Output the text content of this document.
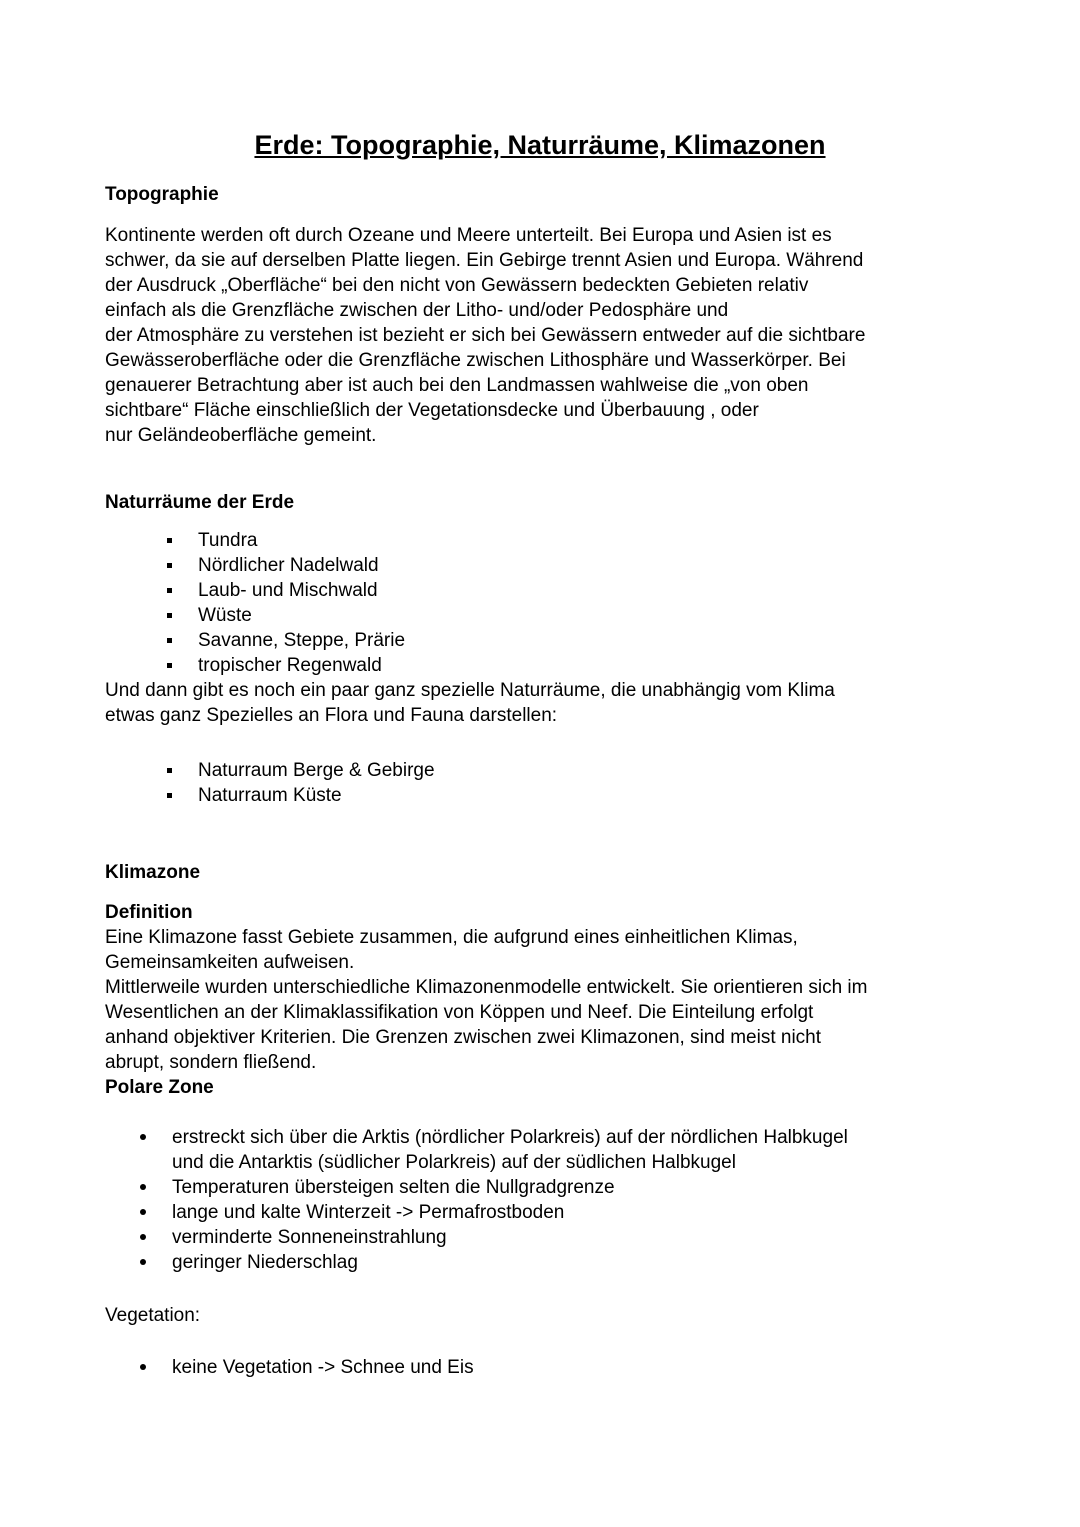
Erde: Topographie, Naturräume, Klimazonen
Topographie
Kontinente werden oft durch Ozeane und Meere unterteilt. Bei Europa und Asien ist es
schwer, da sie auf derselben Platte liegen. Ein Gebirge trennt Asien und Europa. Während
der Ausdruck „Oberfläche“ bei den nicht von Gewässern bedeckten Gebieten relativ
einfach als die Grenzfläche zwischen der Litho- und/oder Pedosphäre und
der Atmosphäre zu verstehen ist bezieht er sich bei Gewässern entweder auf die sichtbare
Gewässeroberfläche oder die Grenzfläche zwischen Lithosphäre und Wasserkörper. Bei
genauerer Betrachtung aber ist auch bei den Landmassen wahlweise die „von oben
sichtbare“ Fläche einschließlich der Vegetationsdecke und Überbauung , oder
nur Geländeoberfläche gemeint.
Naturräume der Erde
Tundra
Nördlicher Nadelwald
Laub- und Mischwald
Wüste
Savanne, Steppe, Prärie
tropischer Regenwald
Und dann gibt es noch ein paar ganz spezielle Naturräume, die unabhängig vom Klima
etwas ganz Spezielles an Flora und Fauna darstellen:
Naturraum Berge & Gebirge
Naturraum Küste
Klimazone
Definition
Eine Klimazone fasst Gebiete zusammen, die aufgrund eines einheitlichen Klimas,
Gemeinsamkeiten aufweisen.
Mittlerweile wurden unterschiedliche Klimazonenmodelle entwickelt. Sie orientieren sich im
Wesentlichen an der Klimaklassifikation von Köppen und Neef. Die Einteilung erfolgt
anhand objektiver Kriterien. Die Grenzen zwischen zwei Klimazonen, sind meist nicht
abrupt, sondern fließend.
Polare Zone
erstreckt sich über die Arktis (nördlicher Polarkreis) auf der nördlichen Halbkugel
und die Antarktis (südlicher Polarkreis) auf der südlichen Halbkugel
Temperaturen übersteigen selten die Nullgradgrenze
lange und kalte Winterzeit -> Permafrostboden
verminderte Sonneneinstrahlung
geringer Niederschlag
Vegetation:
keine Vegetation -> Schnee und Eis
